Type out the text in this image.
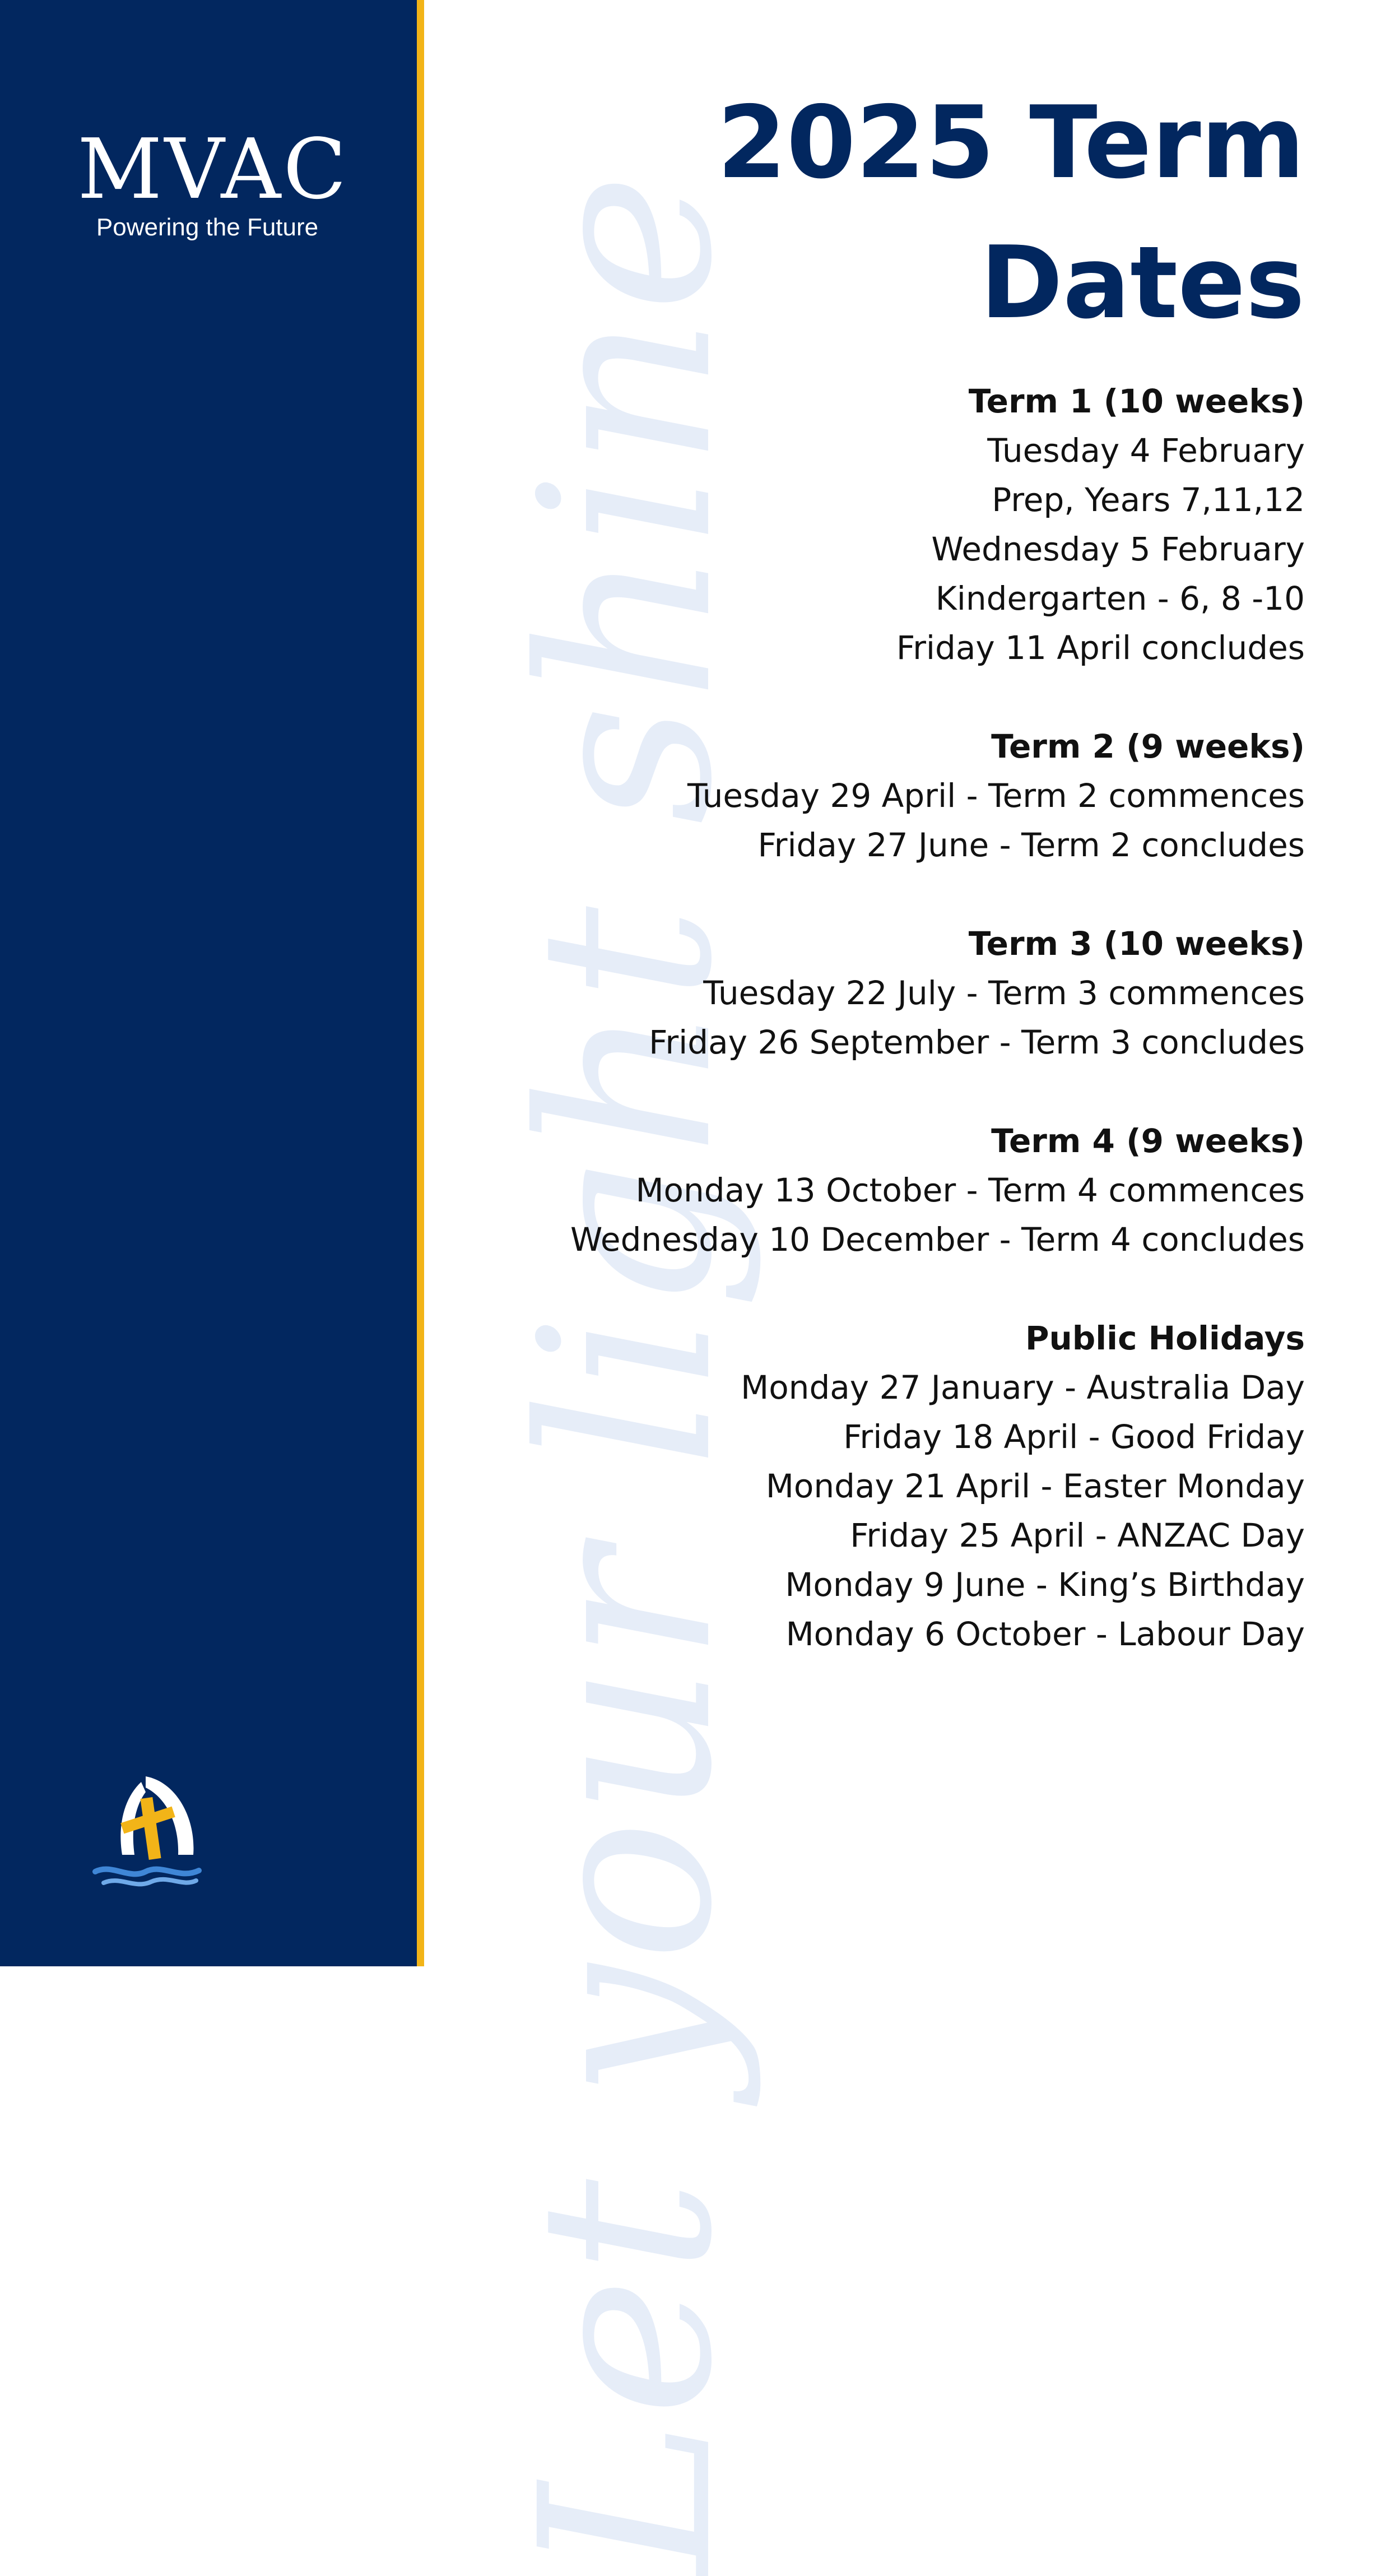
MVAC
Powering the Future Let your light shine
2025 Term
Dates
Term 1 (10 weeks)
Tuesday 4 February
Prep, Years 7,11,12
Wednesday 5 February
Kindergarten - 6, 8 -10
Friday 11 April concludes
Term 2 (9 weeks)
Tuesday 29 April - Term 2 commences
Friday 27 June - Term 2 concludes
Term 3 (10 weeks)
Tuesday 22 July - Term 3 commences
Friday 26 September - Term 3 concludes
Term 4 (9 weeks)
Monday 13 October - Term 4 commences
Wednesday 10 December - Term 4 concludes
Public Holidays
Monday 27 January - Australia Day
Friday 18 April - Good Friday
Monday 21 April - Easter Monday
Friday 25 April - ANZAC Day
Monday 9 June - King’s Birthday
Monday 6 October - Labour Day
